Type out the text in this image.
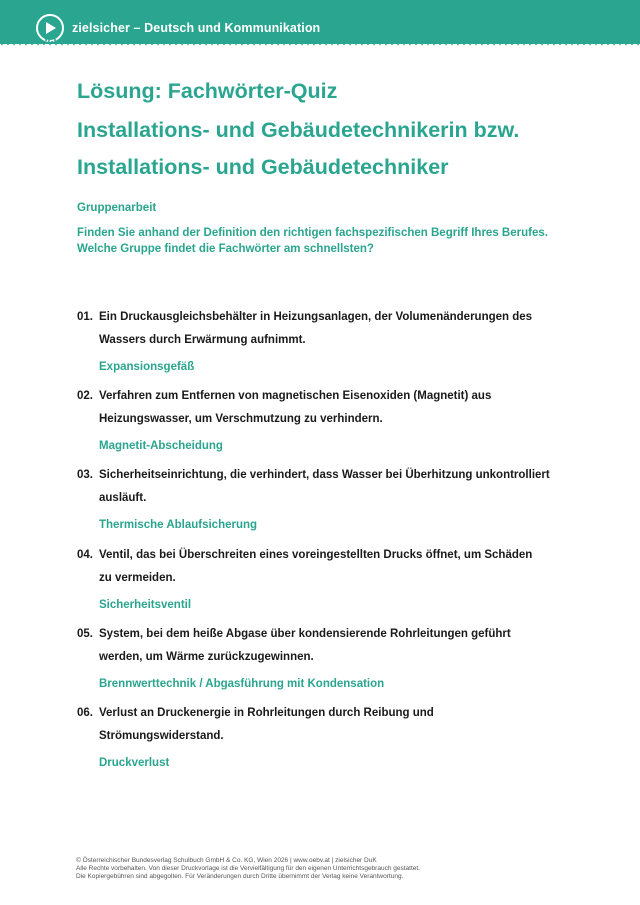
zielsicher – Deutsch und Kommunikation
Lösung: Fachwörter-Quiz
Installations- und Gebäudetechnikerin bzw.
Installations- und Gebäudetechniker
Gruppenarbeit
Finden Sie anhand der Definition den richtigen fachspezifischen Begriff Ihres Berufes.
Welche Gruppe findet die Fachwörter am schnellsten?
01. Ein Druckausgleichsbehälter in Heizungsanlagen, der Volumenänderungen des
Wassers durch Erwärmung aufnimmt.
Expansionsgefäß
02. Verfahren zum Entfernen von magnetischen Eisenoxiden (Magnetit) aus
Heizungswasser, um Verschmutzung zu verhindern.
Magnetit-Abscheidung
03. Sicherheitseinrichtung, die verhindert, dass Wasser bei Überhitzung unkontrolliert
ausläuft.
Thermische Ablaufsicherung
04. Ventil, das bei Überschreiten eines voreingestellten Drucks öffnet, um Schäden
zu vermeiden.
Sicherheitsventil
05. System, bei dem heiße Abgase über kondensierende Rohrleitungen geführt
werden, um Wärme zurückzugewinnen.
Brennwerttechnik / Abgasführung mit Kondensation
06. Verlust an Druckenergie in Rohrleitungen durch Reibung und
Strömungswiderstand.
Druckverlust
© Österreichischer Bundesverlag Schulbuch GmbH & Co. KG, Wien 2026 | www.oebv.at | zielsicher DuK
Alle Rechte vorbehalten. Von dieser Druckvorlage ist die Vervielfältigung für den eigenen Unterrichtsgebrauch gestattet.
Die Kopiergebühren sind abgegolten. Für Veränderungen durch Dritte übernimmt der Verlag keine Verantwortung.
